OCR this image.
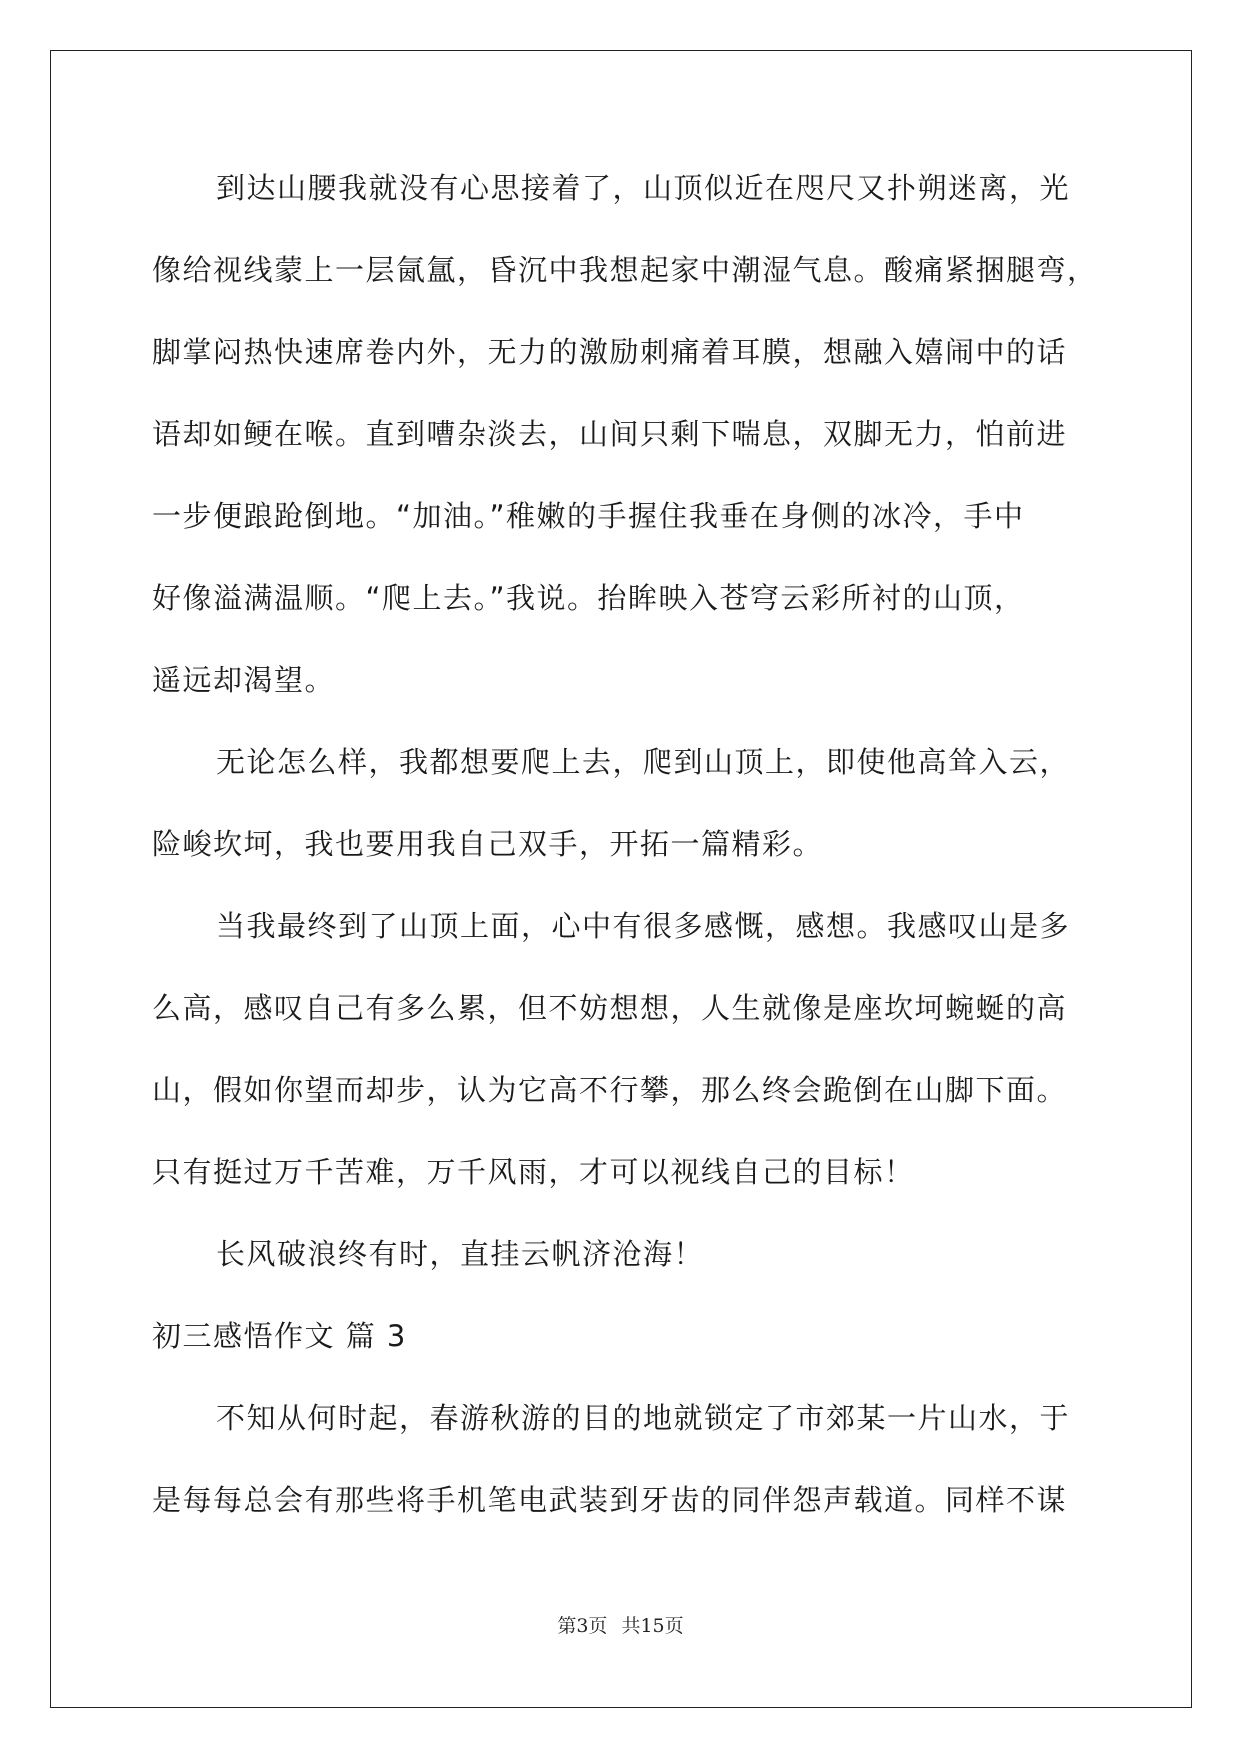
到达山腰我就没有心思接着了，山顶似近在咫尺又扑朔迷离，光
像给视线蒙上一层氤氲，昏沉中我想起家中潮湿气息。酸痛紧捆腿弯，
脚掌闷热快速席卷内外，无力的激励刺痛着耳膜，想融入嬉闹中的话
语却如鲠在喉。直到嘈杂淡去，山间只剩下喘息，双脚无力，怕前进
一步便踉跄倒地。“加油。”稚嫩的手握住我垂在身侧的冰冷，手中
好像溢满温顺。“爬上去。”我说。抬眸映入苍穹云彩所衬的山顶，
遥远却渴望。
无论怎么样，我都想要爬上去，爬到山顶上，即使他高耸入云，
险峻坎坷，我也要用我自己双手，开拓一篇精彩。
当我最终到了山顶上面，心中有很多感慨，感想。我感叹山是多
么高，感叹自己有多么累，但不妨想想，人生就像是座坎坷蜿蜒的高
山，假如你望而却步，认为它高不行攀，那么终会跪倒在山脚下面。
只有挺过万千苦难，万千风雨，才可以视线自己的目标！
长风破浪终有时，直挂云帆济沧海！
初三感悟作文 篇 3
不知从何时起，春游秋游的目的地就锁定了市郊某一片山水，于
是每每总会有那些将手机笔电武装到牙齿的同伴怨声载道。同样不谋
第3页 共15页
